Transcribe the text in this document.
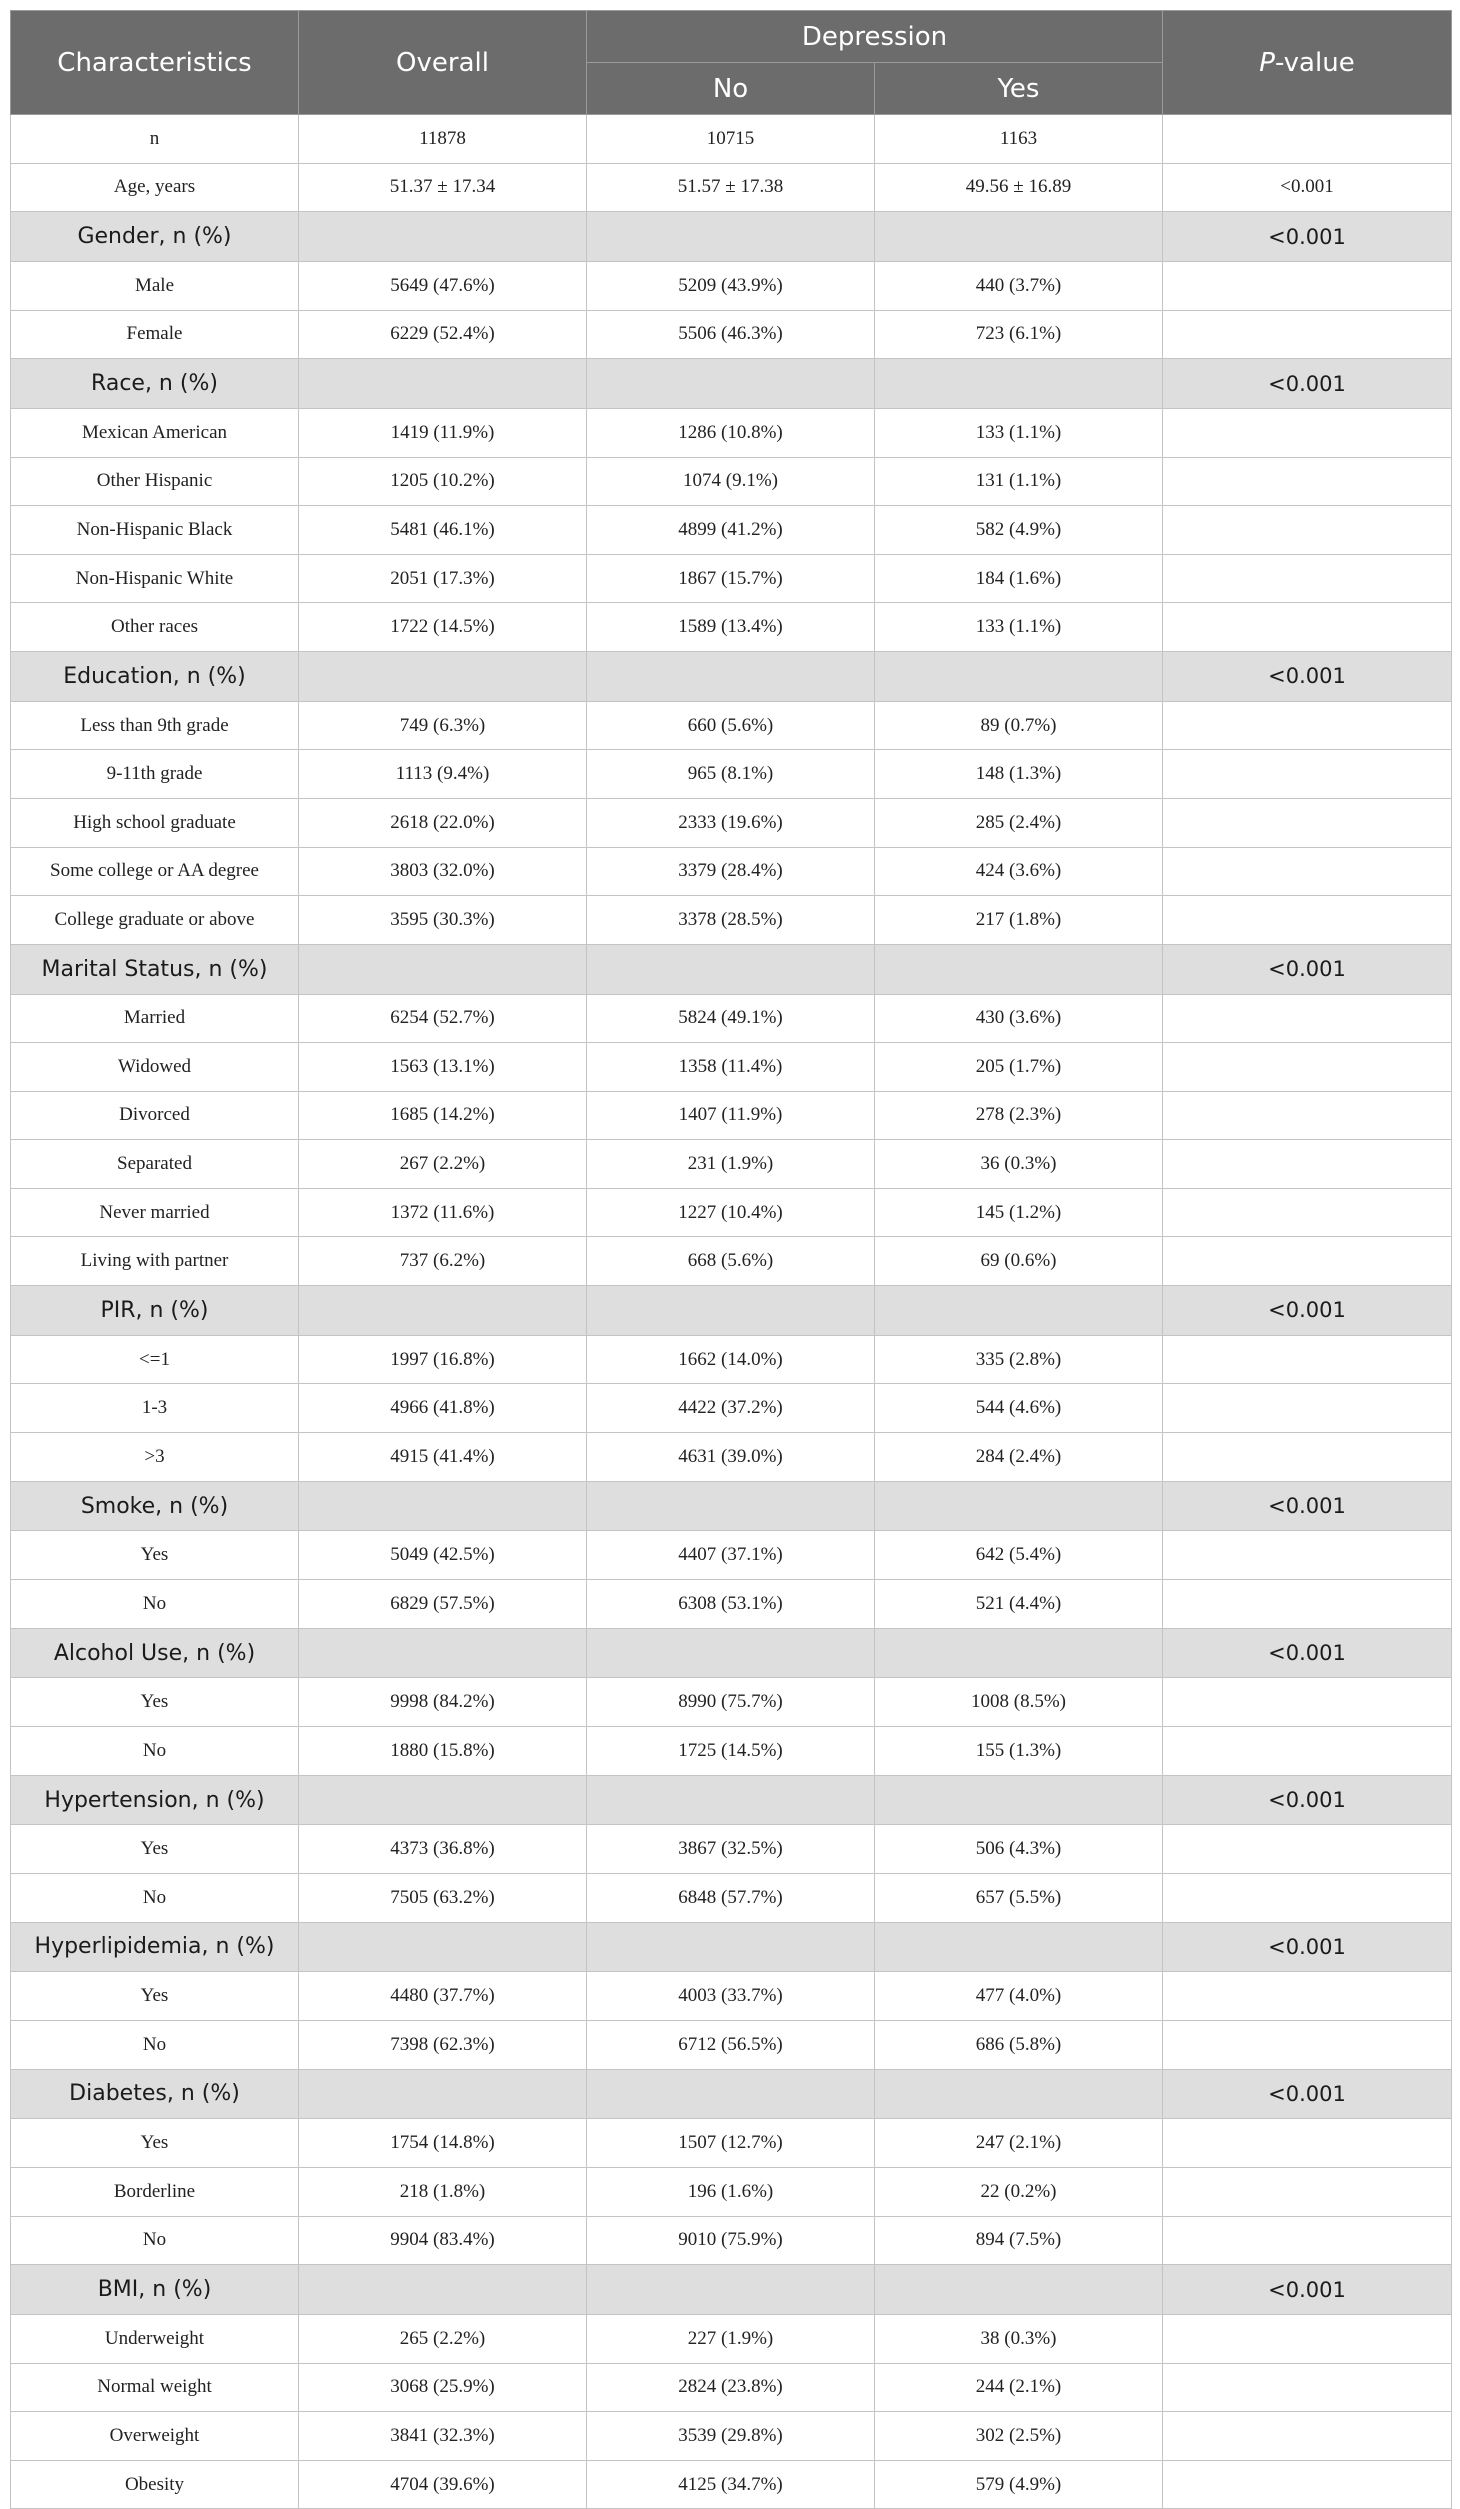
Characteristics	Overall	Depression		P-value
		No	Yes	
n	11878	10715	1163	
Age, years	51.37 ± 17.34	51.57 ± 17.38	49.56 ± 16.89	<0.001
Gender, n (%)				<0.001
Male	5649 (47.6%)	5209 (43.9%)	440 (3.7%)	
Female	6229 (52.4%)	5506 (46.3%)	723 (6.1%)	
Race, n (%)				<0.001
Mexican American	1419 (11.9%)	1286 (10.8%)	133 (1.1%)	
Other Hispanic	1205 (10.2%)	1074 (9.1%)	131 (1.1%)	
Non-Hispanic Black	5481 (46.1%)	4899 (41.2%)	582 (4.9%)	
Non-Hispanic White	2051 (17.3%)	1867 (15.7%)	184 (1.6%)	
Other races	1722 (14.5%)	1589 (13.4%)	133 (1.1%)	
Education, n (%)				<0.001
Less than 9th grade	749 (6.3%)	660 (5.6%)	89 (0.7%)	
9-11th grade	1113 (9.4%)	965 (8.1%)	148 (1.3%)	
High school graduate	2618 (22.0%)	2333 (19.6%)	285 (2.4%)	
Some college or AA degree	3803 (32.0%)	3379 (28.4%)	424 (3.6%)	
College graduate or above	3595 (30.3%)	3378 (28.5%)	217 (1.8%)	
Marital Status, n (%)				<0.001
Married	6254 (52.7%)	5824 (49.1%)	430 (3.6%)	
Widowed	1563 (13.1%)	1358 (11.4%)	205 (1.7%)	
Divorced	1685 (14.2%)	1407 (11.9%)	278 (2.3%)	
Separated	267 (2.2%)	231 (1.9%)	36 (0.3%)	
Never married	1372 (11.6%)	1227 (10.4%)	145 (1.2%)	
Living with partner	737 (6.2%)	668 (5.6%)	69 (0.6%)	
PIR, n (%)				<0.001
<=1	1997 (16.8%)	1662 (14.0%)	335 (2.8%)	
1-3	4966 (41.8%)	4422 (37.2%)	544 (4.6%)	
>3	4915 (41.4%)	4631 (39.0%)	284 (2.4%)	
Smoke, n (%)				<0.001
Yes	5049 (42.5%)	4407 (37.1%)	642 (5.4%)	
No	6829 (57.5%)	6308 (53.1%)	521 (4.4%)	
Alcohol Use, n (%)				<0.001
Yes	9998 (84.2%)	8990 (75.7%)	1008 (8.5%)	
No	1880 (15.8%)	1725 (14.5%)	155 (1.3%)	
Hypertension, n (%)				<0.001
Yes	4373 (36.8%)	3867 (32.5%)	506 (4.3%)	
No	7505 (63.2%)	6848 (57.7%)	657 (5.5%)	
Hyperlipidemia, n (%)				<0.001
Yes	4480 (37.7%)	4003 (33.7%)	477 (4.0%)	
No	7398 (62.3%)	6712 (56.5%)	686 (5.8%)	
Diabetes, n (%)				<0.001
Yes	1754 (14.8%)	1507 (12.7%)	247 (2.1%)	
Borderline	218 (1.8%)	196 (1.6%)	22 (0.2%)	
No	9904 (83.4%)	9010 (75.9%)	894 (7.5%)	
BMI, n (%)				<0.001
Underweight	265 (2.2%)	227 (1.9%)	38 (0.3%)	
Normal weight	3068 (25.9%)	2824 (23.8%)	244 (2.1%)	
Overweight	3841 (32.3%)	3539 (29.8%)	302 (2.5%)	
Obesity	4704 (39.6%)	4125 (34.7%)	579 (4.9%)	
